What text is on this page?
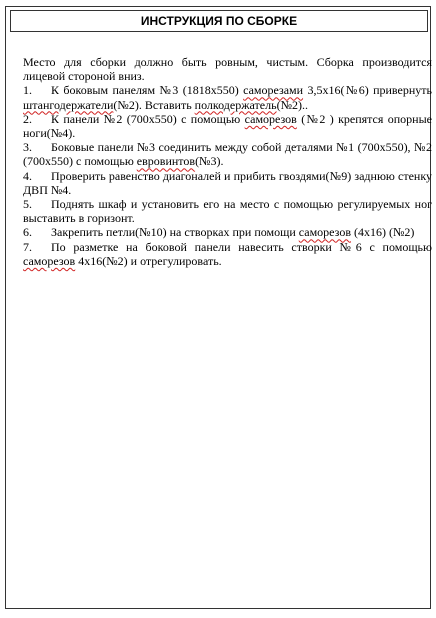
ИНСТРУКЦИЯ ПО СБОРКЕ

Место для сборки должно быть ровным, чистым. Сборка производится лицевой стороной вниз.

1. К боковым панелям №3 (1818x550) саморезами 3,5x16(№6) привернуть штангодержатели(№2). Вставить полкодержатель(№2)..

2. К панели №2 (700x550) с помощью саморезов (№2 ) крепятся опорные ноги(№4).

3. Боковые панели №3 соединить между собой деталями №1 (700x550), №2 (700x550) с помощью евровинтов(№3).

4. Проверить равенство диагоналей и прибить гвоздями(№9) заднюю стенку ДВП №4.

5. Поднять шкаф и установить его на место с помощью регулируемых ног выставить в горизонт.

6. Закрепить петли(№10) на створках при помощи саморезов (4x16) (№2)

7. По разметке на боковой панели навесить створки №6 с помощью саморезов 4x16(№2) и отрегулировать.
